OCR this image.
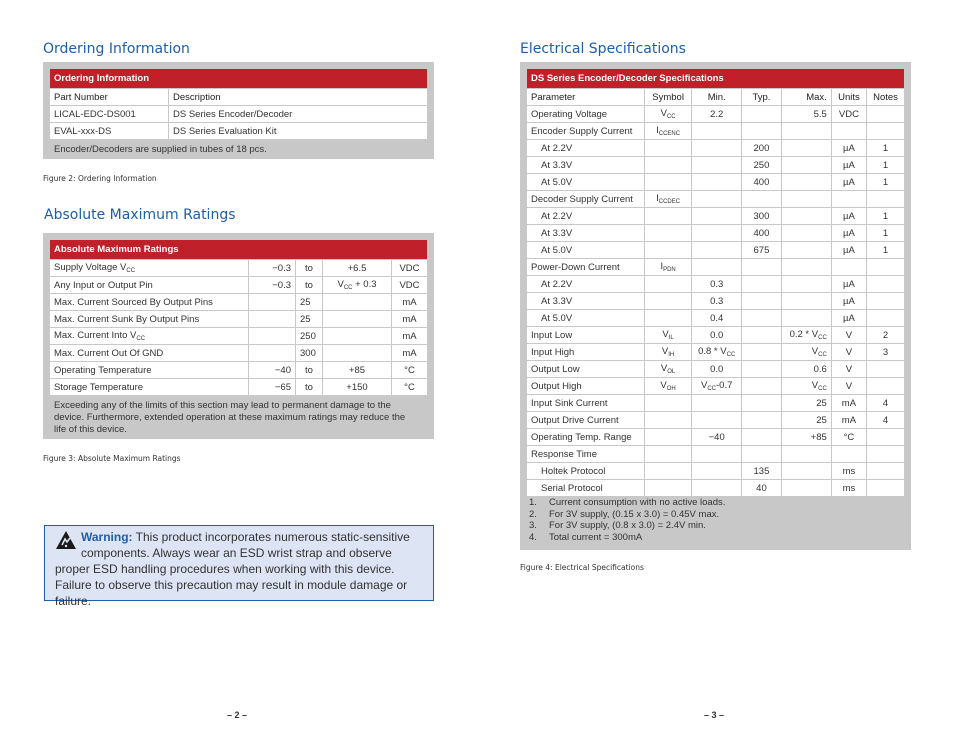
Ordering Information
Ordering Information	
Part Number	Description
LICAL-EDC-DS001	DS Series Encoder/Decoder
EVAL-xxx-DS	DS Series Evaluation Kit
Encoder/Decoders are supplied in tubes of 18 pcs.
Figure 2: Ordering Information
Absolute Maximum Ratings
Absolute Maximum Ratings				
Supply Voltage $V_{CC}$	−0.3	to	+6.5	VDC
Any Input or Output Pin	−0.3	to	$V_{CC} + 0.3$	VDC
Max. Current Sourced By Output Pins		25		mA
Max. Current Sunk By Output Pins		25		mA
Max. Current Into $V_{CC}$		250		mA
Max. Current Out Of GND		300		mA
Operating Temperature	−40	to	+85	°C
Storage Temperature	−65	to	+150	°C
Exceeding any of the limits of this section may lead to permanent damage to the device. Furthermore, extended operation at these maximum ratings may reduce the life of this device.
Figure 3: Absolute Maximum Ratings
Warning: This product incorporates numerous static-sensitive components. Always wear an ESD wrist strap and observe proper ESD handling procedures when working with this device. Failure to observe this precaution may result in module damage or failure.
– 2 –
Electrical Specifications
DS Series Encoder/Decoder Specifications						
Parameter	Symbol	Min.	Typ.	Max.	Units	Notes
Operating Voltage	$V_{CC}$	2.2		5.5	VDC	
Encoder Supply Current	$I_{CCENC}$					
At 2.2V			200		µA	1
At 3.3V			250		µA	1
At 5.0V			400		µA	1
Decoder Supply Current	$I_{CCDEC}$					
At 2.2V			300		µA	1
At 3.3V			400		µA	1
At 5.0V			675		µA	1
Power-Down Current	$I_{PDN}$					
At 2.2V		0.3			µA	
At 3.3V		0.3			µA	
At 5.0V		0.4			µA	
Input Low	$V_{IL}$	0.0		$0.2 * V_{CC}$	V	2
Input High	$V_{IH}$	$0.8 * V_{CC}$		$V_{CC}$	V	3
Output Low	$V_{OL}$	0.0		0.6	V	
Output High	$V_{OH}$	$V_{CC}-0.7$		$V_{CC}$	V	
Input Sink Current				25	mA	4
Output Drive Current				25	mA	4
Operating Temp. Range		−40		+85	°C	
Response Time						
Holtek Protocol			135		ms	
Serial Protocol			40		ms	
1. Current consumption with no active loads.
2. For 3V supply, (0.15 x 3.0) = 0.45V max.
3. For 3V supply, (0.8 x 3.0) = 2.4V min.
4. Total current = 300mA
Figure 4: Electrical Specifications
– 3 –
